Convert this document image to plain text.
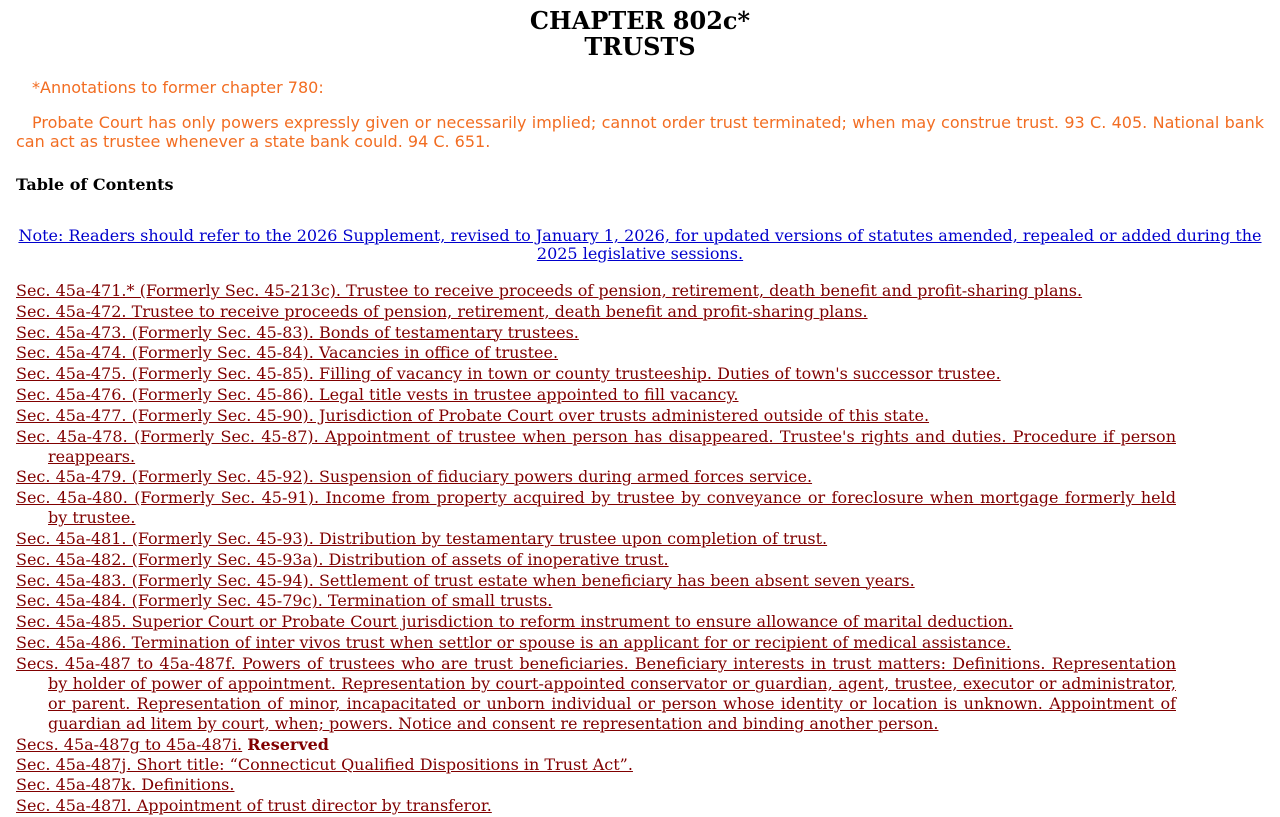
CHAPTER 802c*
TRUSTS
*Annotations to former chapter 780:
Probate Court has only powers expressly given or necessarily implied; cannot order trust terminated; when may construe trust. 93 C. 405. National bank can act as trustee whenever a state bank could. 94 C. 651.
Table of Contents
Note: Readers should refer to the 2026 Supplement, revised to January 1, 2026, for updated versions of statutes amended, repealed or added during the 2025 legislative sessions.
Sec. 45a-471.* (Formerly Sec. 45-213c). Trustee to receive proceeds of pension, retirement, death benefit and profit-sharing plans.
Sec. 45a-472. Trustee to receive proceeds of pension, retirement, death benefit and profit-sharing plans.
Sec. 45a-473. (Formerly Sec. 45-83). Bonds of testamentary trustees.
Sec. 45a-474. (Formerly Sec. 45-84). Vacancies in office of trustee.
Sec. 45a-475. (Formerly Sec. 45-85). Filling of vacancy in town or county trusteeship. Duties of town's successor trustee.
Sec. 45a-476. (Formerly Sec. 45-86). Legal title vests in trustee appointed to fill vacancy.
Sec. 45a-477. (Formerly Sec. 45-90). Jurisdiction of Probate Court over trusts administered outside of this state.
Sec. 45a-478. (Formerly Sec. 45-87). Appointment of trustee when person has disappeared. Trustee's rights and duties. Procedure if person reappears.
Sec. 45a-479. (Formerly Sec. 45-92). Suspension of fiduciary powers during armed forces service.
Sec. 45a-480. (Formerly Sec. 45-91). Income from property acquired by trustee by conveyance or foreclosure when mortgage formerly held by trustee.
Sec. 45a-481. (Formerly Sec. 45-93). Distribution by testamentary trustee upon completion of trust.
Sec. 45a-482. (Formerly Sec. 45-93a). Distribution of assets of inoperative trust.
Sec. 45a-483. (Formerly Sec. 45-94). Settlement of trust estate when beneficiary has been absent seven years.
Sec. 45a-484. (Formerly Sec. 45-79c). Termination of small trusts.
Sec. 45a-485. Superior Court or Probate Court jurisdiction to reform instrument to ensure allowance of marital deduction.
Sec. 45a-486. Termination of inter vivos trust when settlor or spouse is an applicant for or recipient of medical assistance.
Secs. 45a-487 to 45a-487f. Powers of trustees who are trust beneficiaries. Beneficiary interests in trust matters: Definitions. Representation by holder of power of appointment. Representation by court-appointed conservator or guardian, agent, trustee, executor or administrator, or parent. Representation of minor, incapacitated or unborn individual or person whose identity or location is unknown. Appointment of guardian ad litem by court, when; powers. Notice and consent re representation and binding another person.
Secs. 45a-487g to 45a-487i. Reserved
Sec. 45a-487j. Short title: “Connecticut Qualified Dispositions in Trust Act”.
Sec. 45a-487k. Definitions.
Sec. 45a-487l. Appointment of trust director by transferor.
